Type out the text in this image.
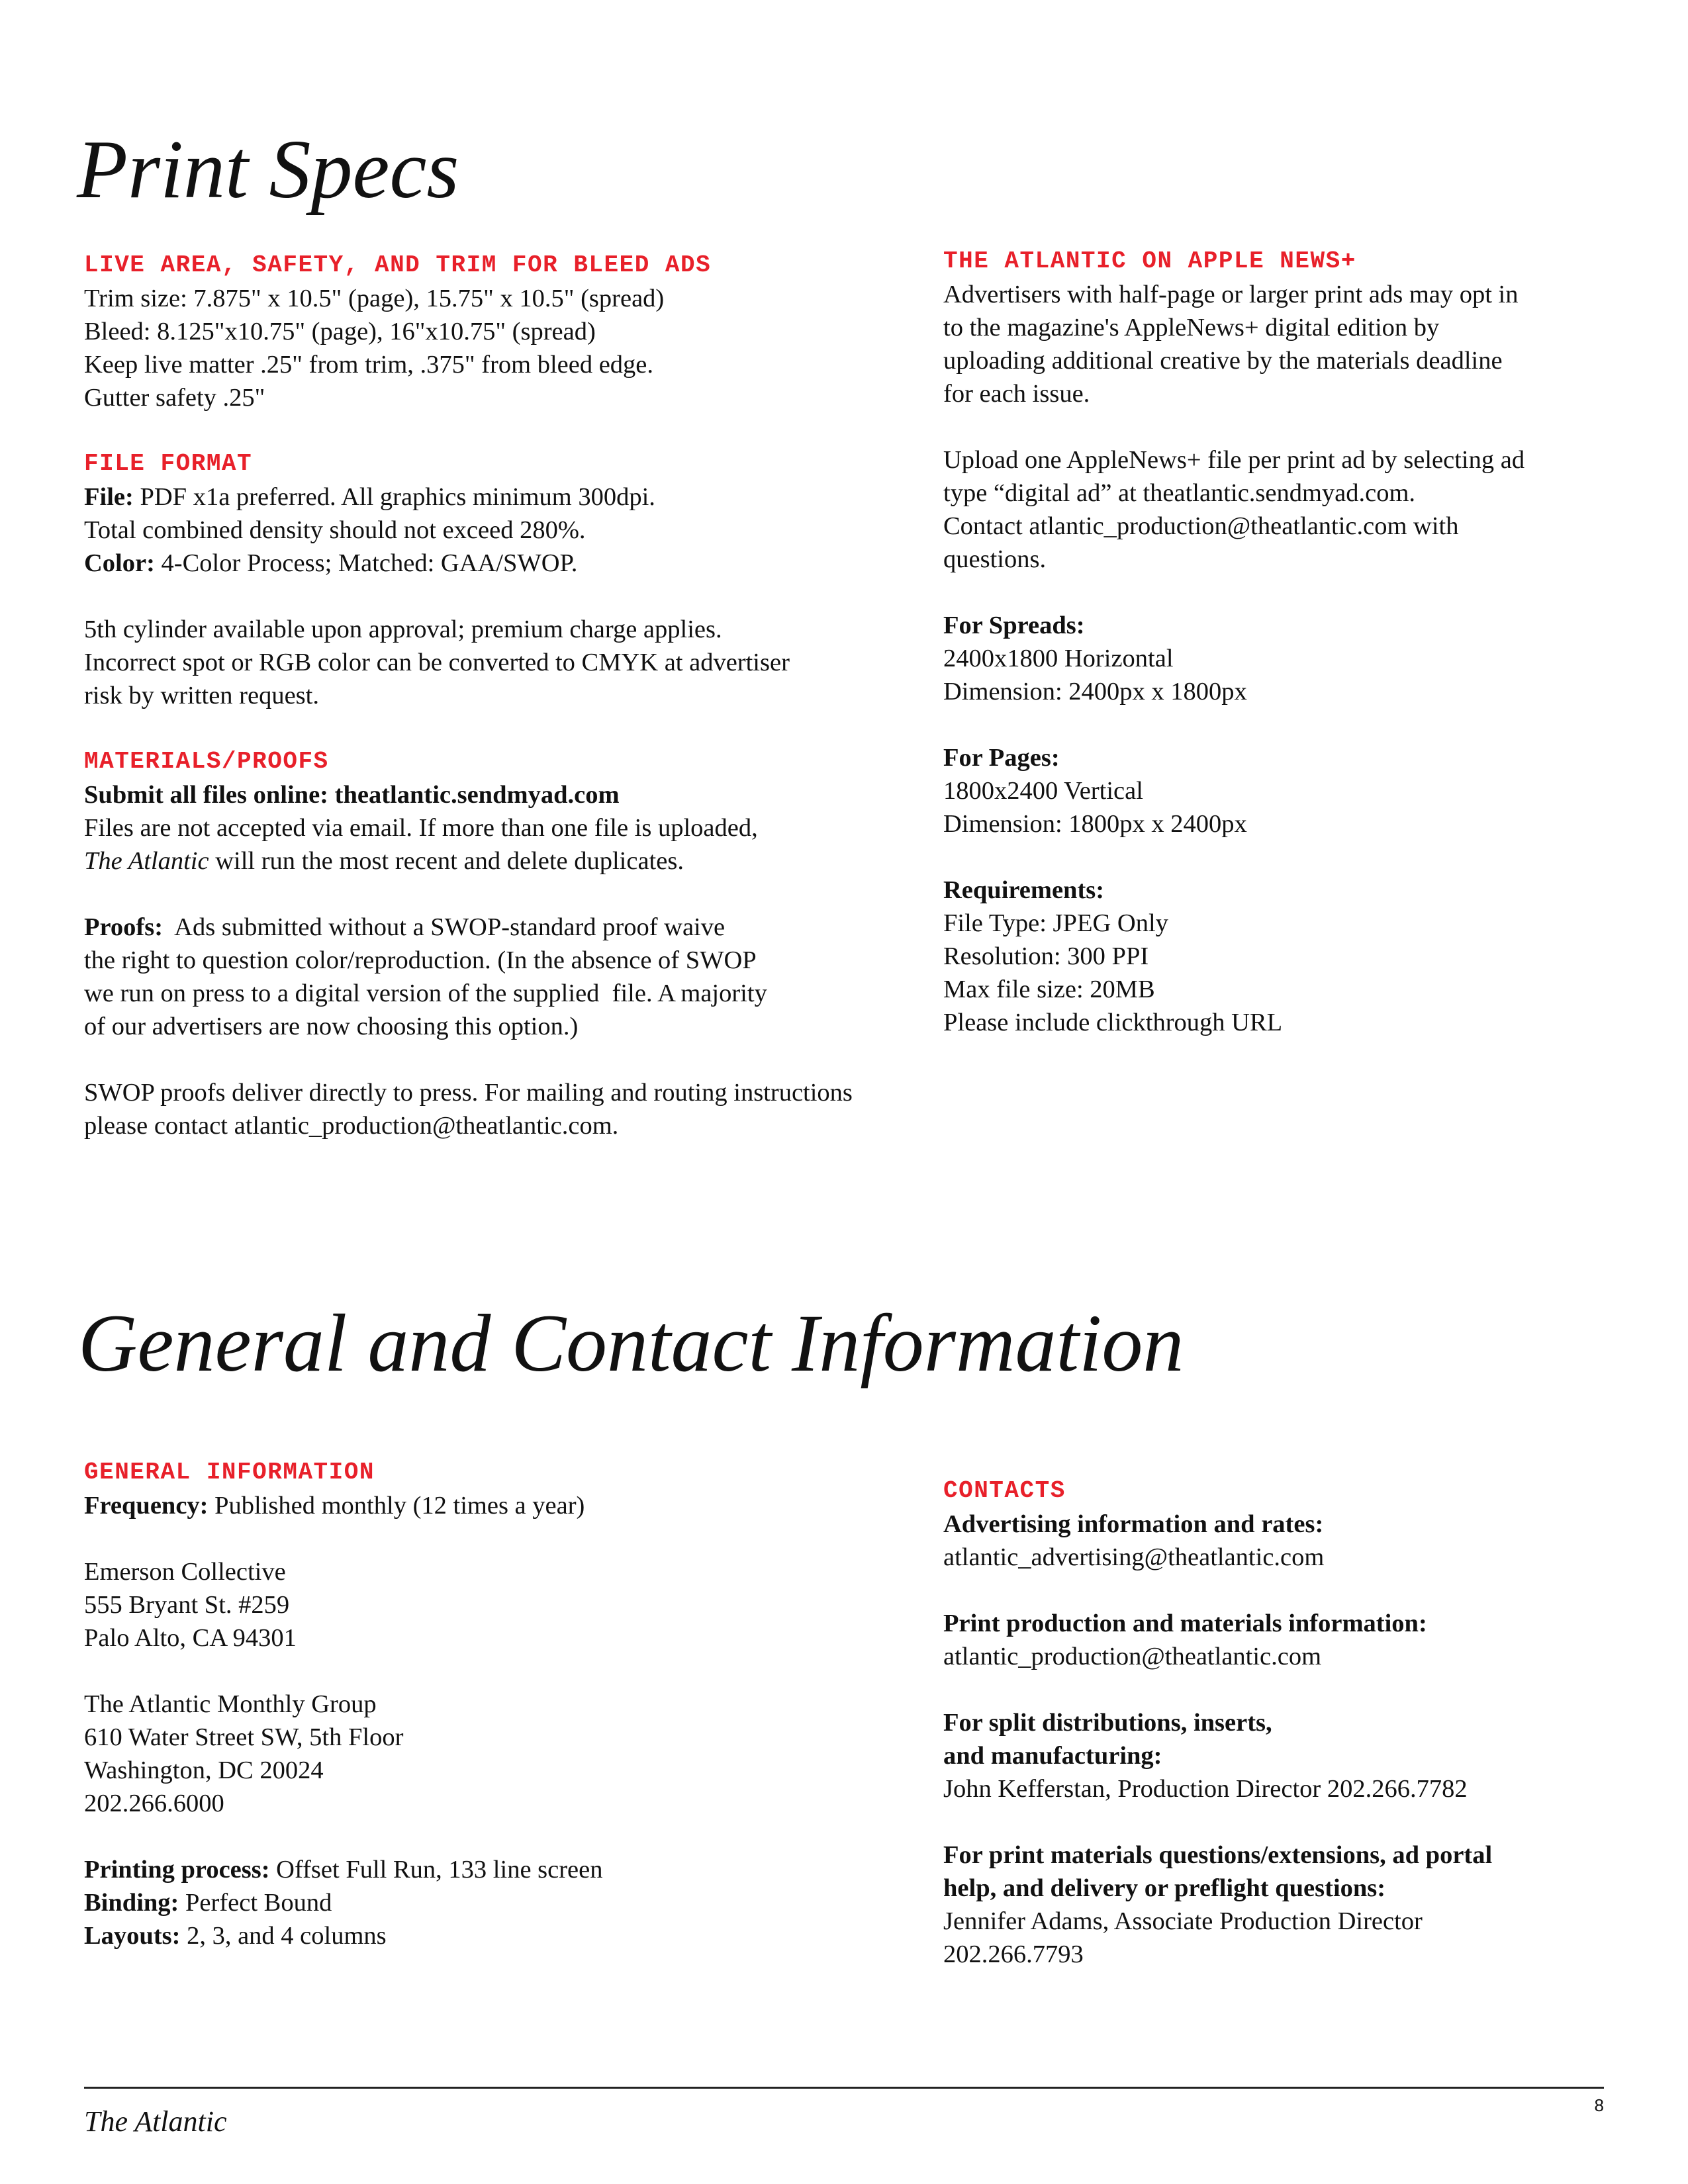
Print Specs
LIVE AREA, SAFETY, AND TRIM FOR BLEED ADS

Trim size: 7.875" x 10.5" (page), 15.75" x 10.5" (spread)

Bleed: 8.125"x10.75" (page), 16"x10.75" (spread)

Keep live matter .25" from trim, .375" from bleed edge.

Gutter safety .25"

FILE FORMAT

File: PDF x1a preferred. All graphics minimum 300dpi.

Total combined density should not exceed 280%.

Color: 4-Color Process; Matched: GAA/SWOP.

5th cylinder available upon approval; premium charge applies.

Incorrect spot or RGB color can be converted to CMYK at advertiser

risk by written request.

MATERIALS/PROOFS

Submit all files online: theatlantic.sendmyad.com

Files are not accepted via email. If more than one file is uploaded,

The Atlantic will run the most recent and delete duplicates.

Proofs:  Ads submitted without a SWOP-standard proof waive

the right to question color/reproduction. (In the absence of SWOP

we run on press to a digital version of the supplied  file. A majority

of our advertisers are now choosing this option.)

SWOP proofs deliver directly to press. For mailing and routing instructions

please contact atlantic_production@theatlantic.com.

THE ATLANTIC ON APPLE NEWS+

Advertisers with half-page or larger print ads may opt in

to the magazine's AppleNews+ digital edition by

uploading additional creative by the materials deadline

for each issue.

Upload one AppleNews+ file per print ad by selecting ad

type “digital ad” at theatlantic.sendmyad.com.

Contact atlantic_production@theatlantic.com with

questions.

For Spreads:

2400x1800 Horizontal

Dimension: 2400px x 1800px

For Pages:

1800x2400 Vertical

Dimension: 1800px x 2400px

Requirements:

File Type: JPEG Only

Resolution: 300 PPI

Max file size: 20MB

Please include clickthrough URL

General and Contact Information
GENERAL INFORMATION

Frequency: Published monthly (12 times a year)

Emerson Collective

555 Bryant St. #259

Palo Alto, CA 94301

The Atlantic Monthly Group

610 Water Street SW, 5th Floor

Washington, DC 20024

202.266.6000

Printing process: Offset Full Run, 133 line screen

Binding: Perfect Bound

Layouts: 2, 3, and 4 columns

CONTACTS

Advertising information and rates:

atlantic_advertising@theatlantic.com

Print production and materials information:

atlantic_production@theatlantic.com

For split distributions, inserts,

and manufacturing:

John Kefferstan, Production Director 202.266.7782

For print materials questions/extensions, ad portal

help, and delivery or preflight questions:

Jennifer Adams, Associate Production Director

202.266.7793

The Atlantic	8
